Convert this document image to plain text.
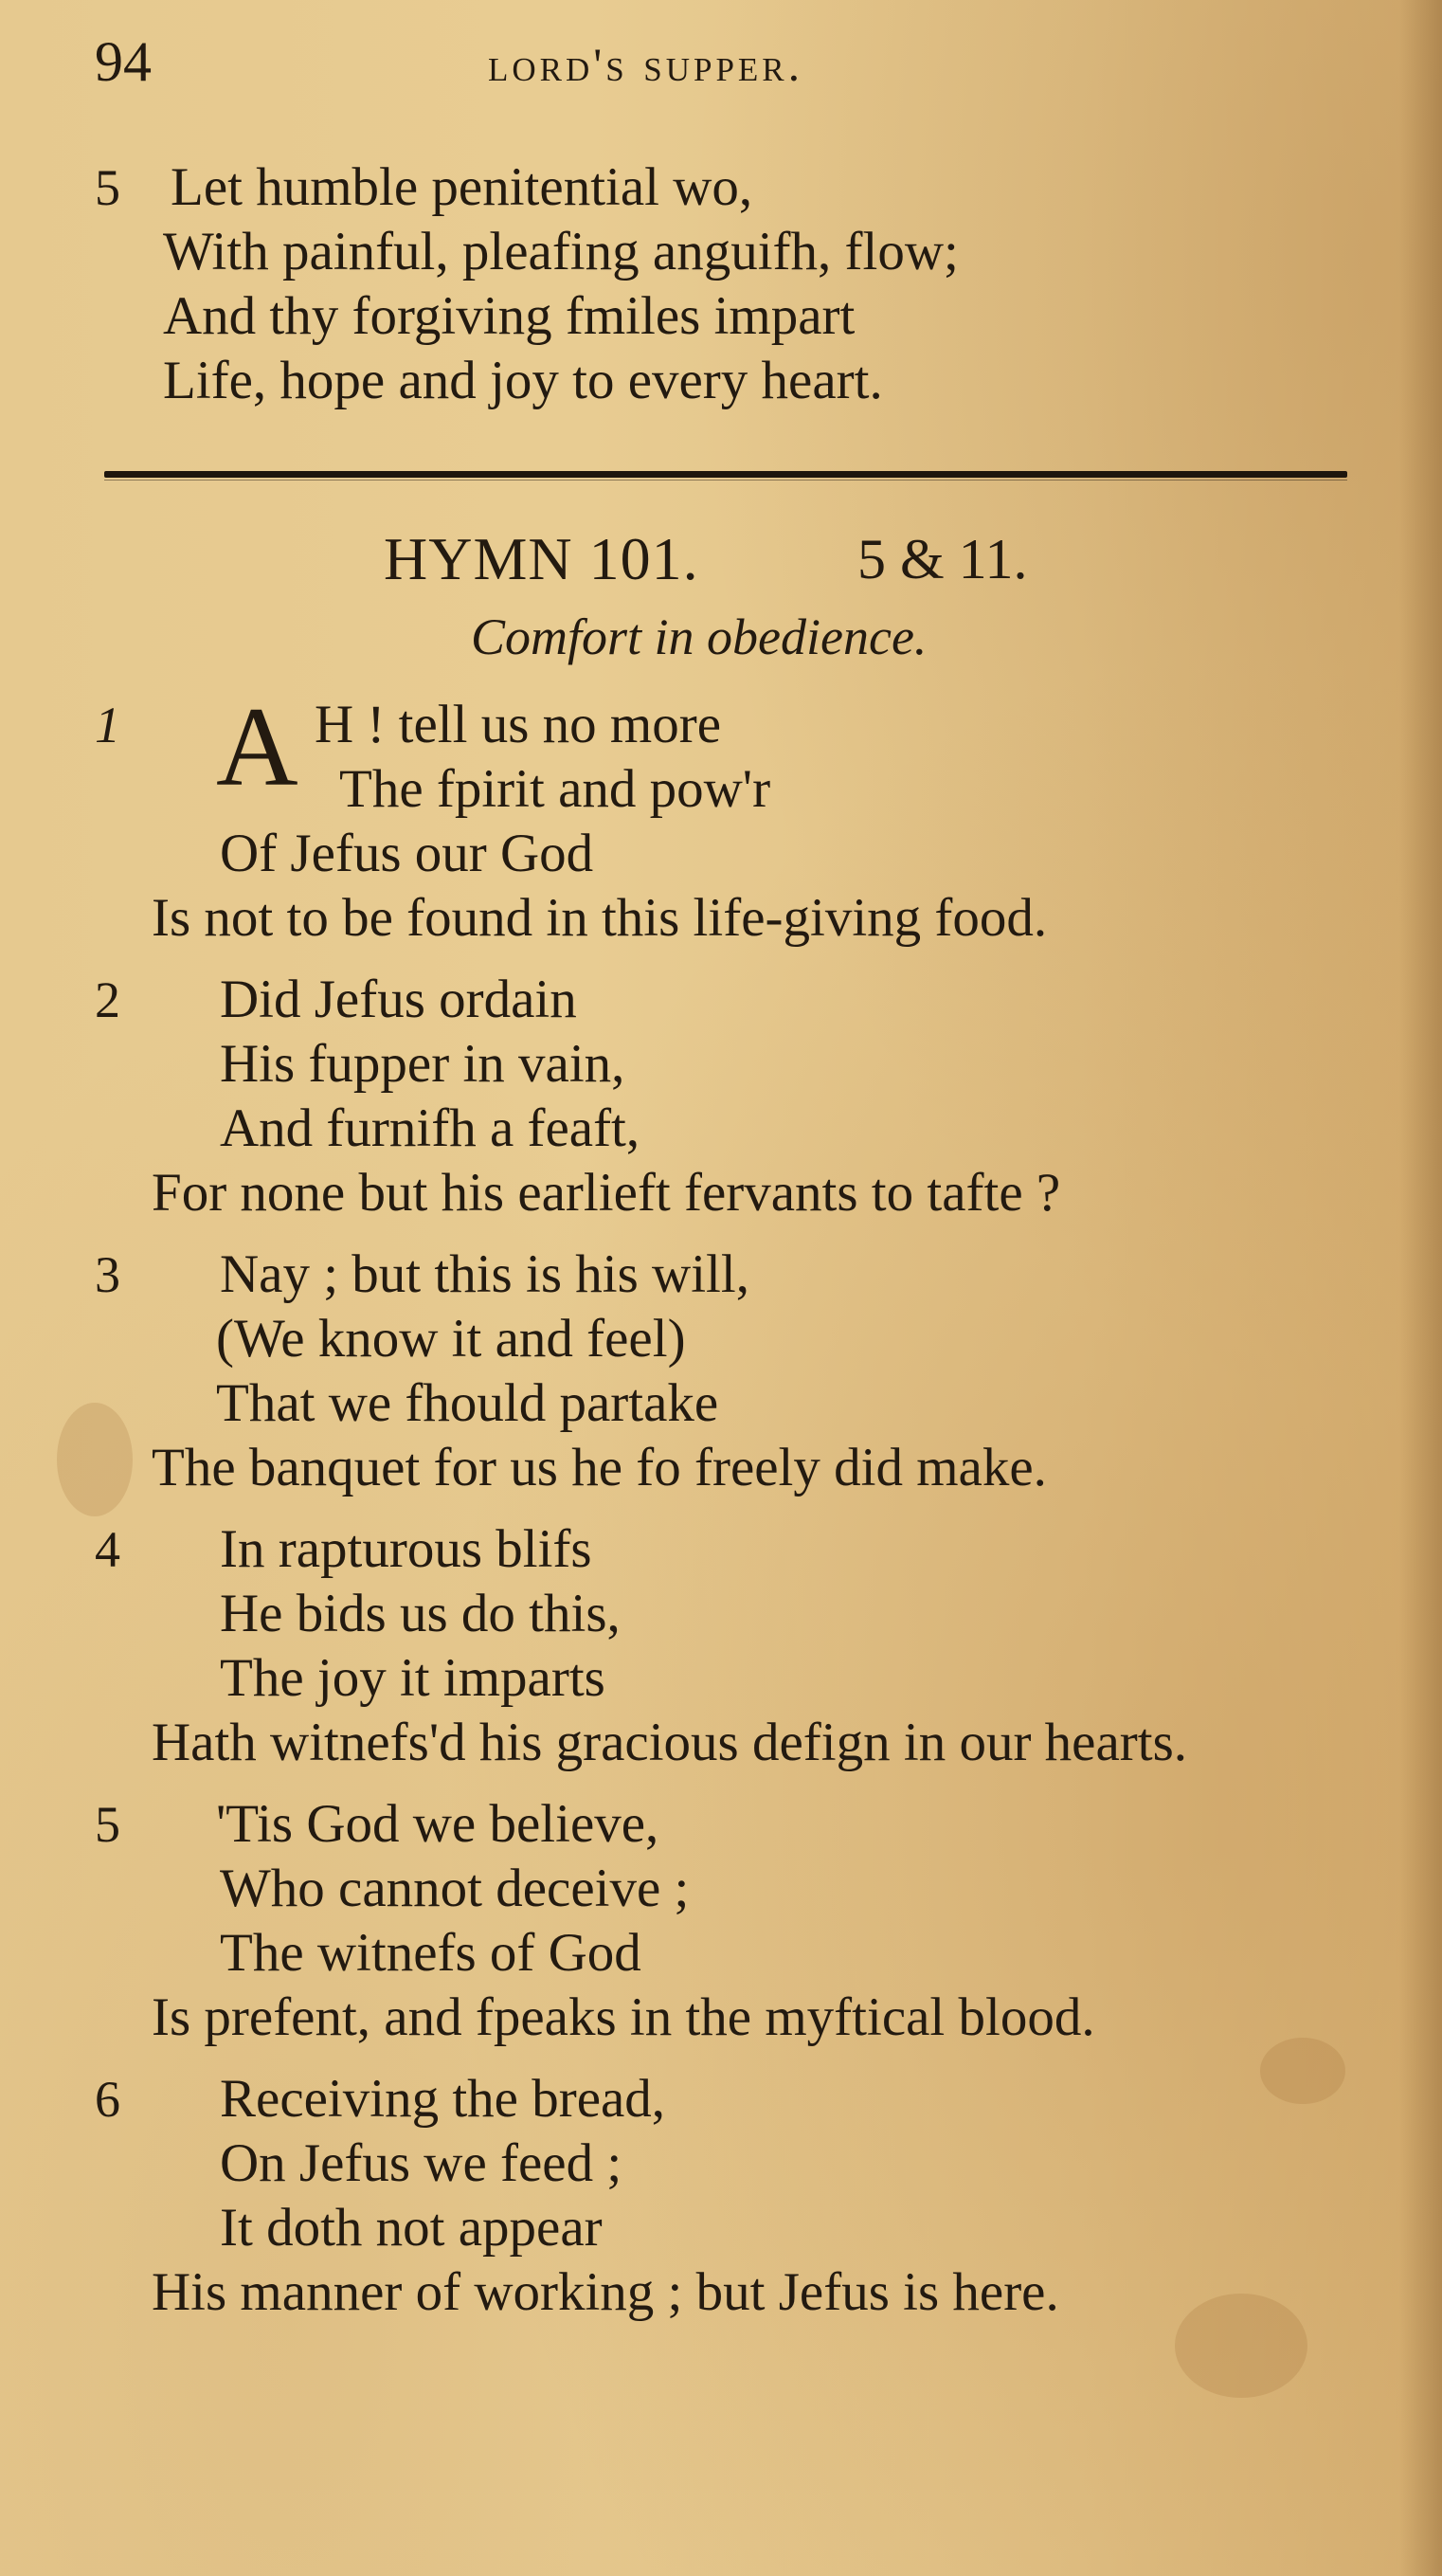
94	lord's supper.
5 Let humble penitential wo,
With painful, pleafing anguifh, flow;
And thy forgiving fmiles impart
Life, hope and joy to every heart.
HYMN 101.	5 & 11.
Comfort in obedience.
1 A H ! tell us no more
The fpirit and pow'r
Of Jefus our God
Is not to be found in this life-giving food.
2 Did Jefus ordain
His fupper in vain,
And furnifh a feaft,
For none but his earlieft fervants to tafte ?
3 Nay ; but this is his will,
(We know it and feel)
That we fhould partake
The banquet for us he fo freely did make.
4 In rapturous blifs
He bids us do this,
The joy it imparts
Hath witnefs'd his gracious defign in our hearts.
5 'Tis God we believe,
Who cannot deceive ;
The witnefs of God
Is prefent, and fpeaks in the myftical blood.
6 Receiving the bread,
On Jefus we feed ;
It doth not appear
His manner of working ; but Jefus is here.
